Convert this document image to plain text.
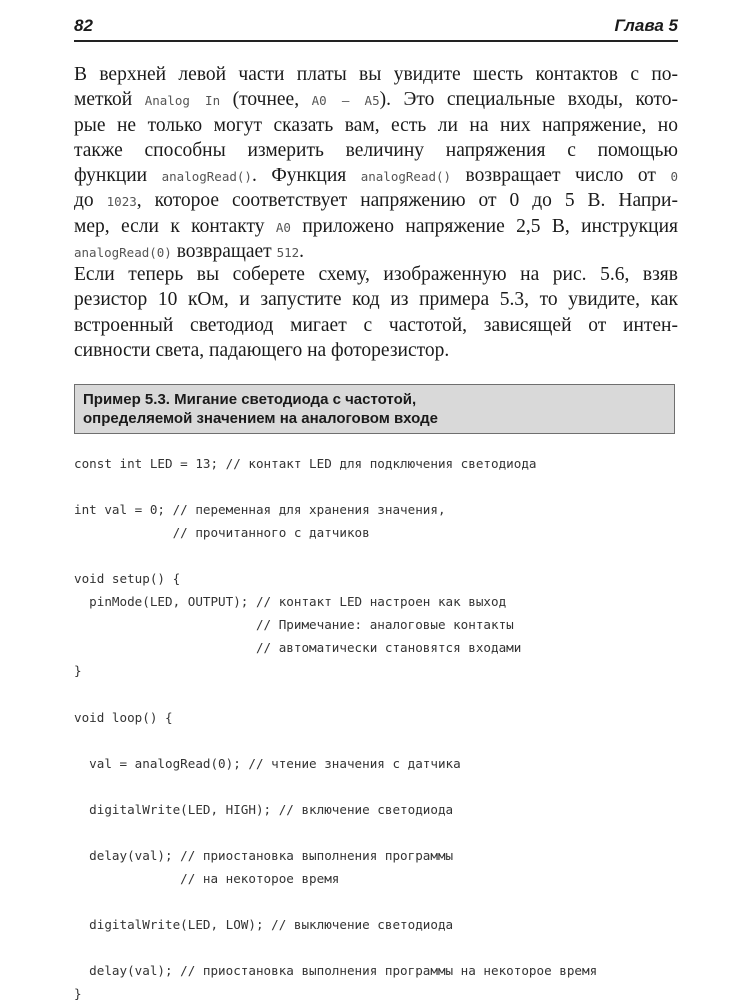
82	Глава 5
В верхней левой части платы вы увидите шесть контактов с по-
меткой Analog In (точнее, A0 — A5). Это специальные входы, кото-
рые не только могут сказать вам, есть ли на них напряжение, но
также способны измерить величину напряжения с помощью
функции analogRead(). Функция analogRead() возвращает число от 0
до 1023, которое соответствует напряжению от 0 до 5 В. Напри-
мер, если к контакту A0 приложено напряжение 2,5 В, инструкция
analogRead(0) возвращает 512.
Если теперь вы соберете схему, изображенную на рис. 5.6, взяв
резистор 10 кОм, и запустите код из примера 5.3, то увидите, как
встроенный светодиод мигает с частотой, зависящей от интен-
сивности света, падающего на фоторезистор.
Пример 5.3. Мигание светодиода с частотой,
определяемой значением на аналоговом входе
const int LED = 13; // контакт LED для подключения светодиода
int val = 0; // переменная для хранения значения,
// прочитанного с датчиков
void setup() {
pinMode(LED, OUTPUT); // контакт LED настроен как выход
// Примечание: аналоговые контакты
// автоматически становятся входами
}
void loop() {
val = analogRead(0); // чтение значения с датчика
digitalWrite(LED, HIGH); // включение светодиода
delay(val); // приостановка выполнения программы
// на некоторое время
digitalWrite(LED, LOW); // выключение светодиода
delay(val); // приостановка выполнения программы на некоторое время
}
